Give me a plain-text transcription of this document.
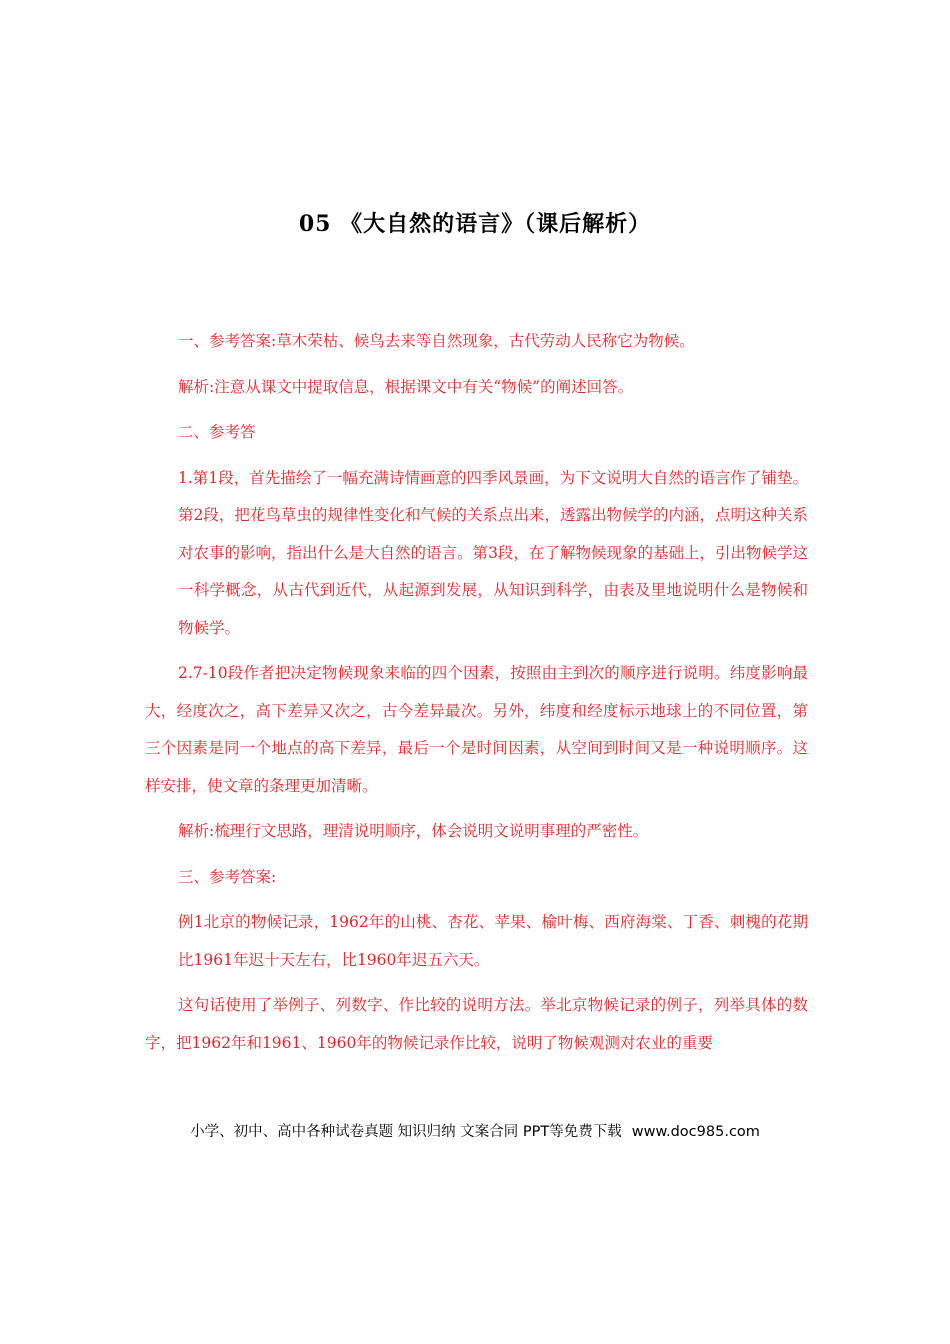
05 《大自然的语言》（课后解析）

一、参考答案:草木荣枯、候鸟去来等自然现象，古代劳动人民称它为物候。

解析:注意从课文中提取信息，根据课文中有关“物候”的阐述回答。

二、参考答

1.第1段，首先描绘了一幅充满诗情画意的四季风景画，为下文说明大自然的语言作了铺垫。第2段，把花鸟草虫的规律性变化和气候的关系点出来，透露出物候学的内涵，点明这种关系对农事的影响，指出什么是大自然的语言。第3段，在了解物候现象的基础上，引出物候学这一科学概念，从古代到近代，从起源到发展，从知识到科学，由表及里地说明什么是物候和物候学。

2.7-10段作者把决定物候现象来临的四个因素，按照由主到次的顺序进行说明。纬度影响最大，经度次之，高下差异又次之，古今差异最次。另外，纬度和经度标示地球上的不同位置，第三个因素是同一个地点的高下差异，最后一个是时间因素，从空间到时间又是一种说明顺序。这样安排，使文章的条理更加清晰。

解析:梳理行文思路，理清说明顺序，体会说明文说明事理的严密性。

三、参考答案:

例1北京的物候记录，1962年的山桃、杏花、苹果、榆叶梅、西府海棠、丁香、刺槐的花期比1961年迟十天左右，比1960年迟五六天。

这句话使用了举例子、列数字、作比较的说明方法。举北京物候记录的例子，列举具体的数字，把1962年和1961、1960年的物候记录作比较，说明了物候观测对农业的重要

小学、初中、高中各种试卷真题 知识归纳 文案合同 PPT等免费下载 www.doc985.com
